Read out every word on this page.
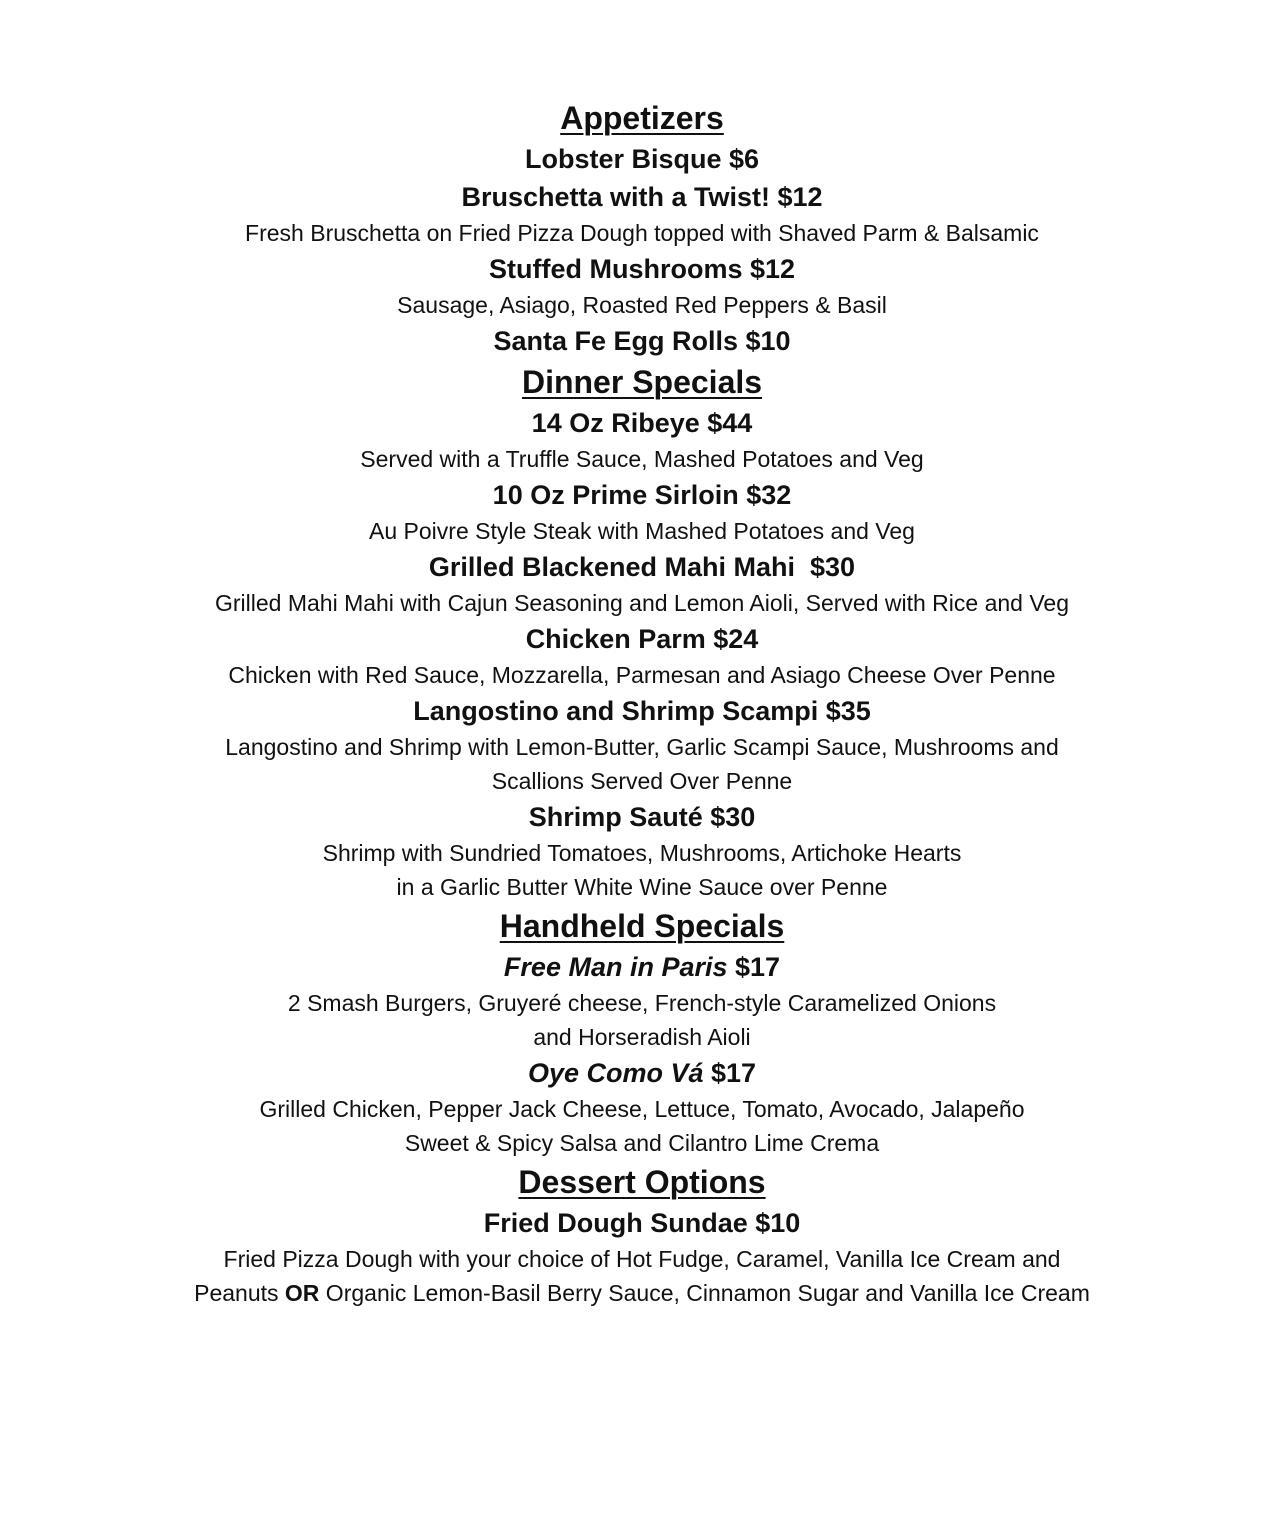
Appetizers

Lobster Bisque $6

Bruschetta with a Twist! $12

Fresh Bruschetta on Fried Pizza Dough topped with Shaved Parm & Balsamic

Stuffed Mushrooms $12

Sausage, Asiago, Roasted Red Peppers & Basil

Santa Fe Egg Rolls $10

Dinner Specials

14 Oz Ribeye $44

Served with a Truffle Sauce, Mashed Potatoes and Veg

10 Oz Prime Sirloin $32

Au Poivre Style Steak with Mashed Potatoes and Veg

Grilled Blackened Mahi Mahi  $30

Grilled Mahi Mahi with Cajun Seasoning and Lemon Aioli, Served with Rice and Veg

Chicken Parm $24

Chicken with Red Sauce, Mozzarella, Parmesan and Asiago Cheese Over Penne

Langostino and Shrimp Scampi $35

Langostino and Shrimp with Lemon-Butter, Garlic Scampi Sauce, Mushrooms and

Scallions Served Over Penne

Shrimp Sauté $30

Shrimp with Sundried Tomatoes, Mushrooms, Artichoke Hearts

in a Garlic Butter White Wine Sauce over Penne

Handheld Specials

Free Man in Paris $17

2 Smash Burgers, Gruyeré cheese, French-style Caramelized Onions

and Horseradish Aioli

Oye Como Vá $17

Grilled Chicken, Pepper Jack Cheese, Lettuce, Tomato, Avocado, Jalapeño

Sweet & Spicy Salsa and Cilantro Lime Crema

Dessert Options

Fried Dough Sundae $10

Fried Pizza Dough with your choice of Hot Fudge, Caramel, Vanilla Ice Cream and

Peanuts OR Organic Lemon-Basil Berry Sauce, Cinnamon Sugar and Vanilla Ice Cream
